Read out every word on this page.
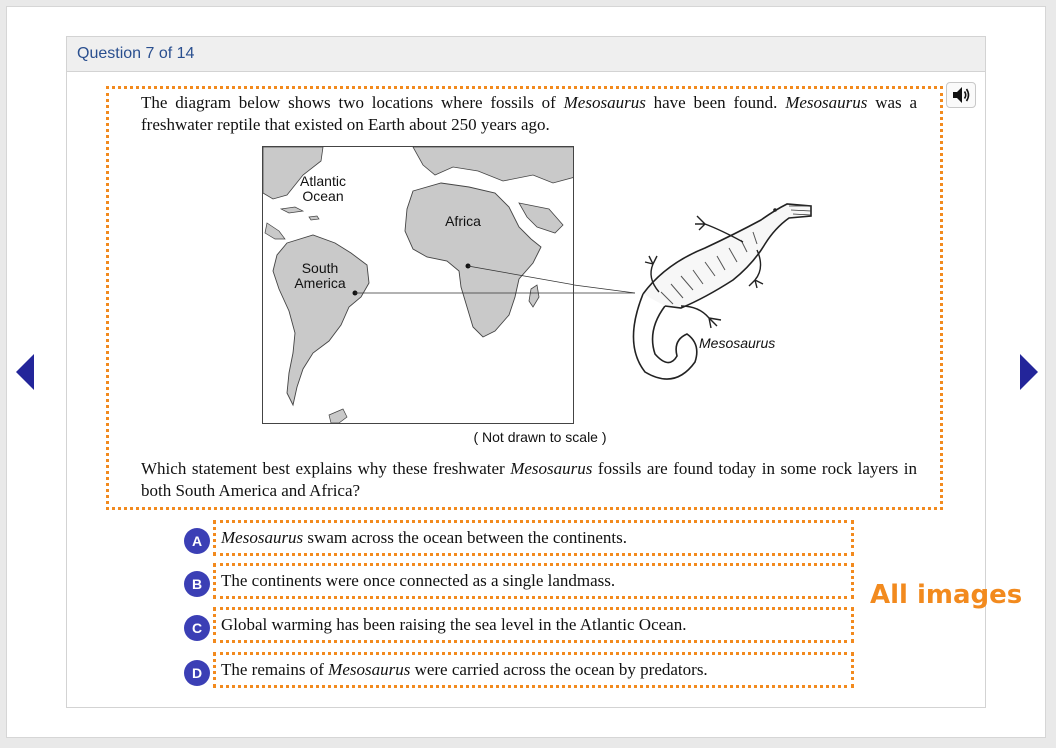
Question 7 of 14
The diagram below shows two locations where fossils of Mesosaurus have been found. Mesosaurus was a freshwater reptile that existed on Earth about 250 years ago.
Which statement best explains why these freshwater Mesosaurus fossils are found today in some rock layers in both South America and Africa?
Atlantic Ocean
Africa
South America
Mesosaurus
( Not drawn to scale )
A	Mesosaurus swam across the ocean between the continents.
B	The continents were once connected as a single landmass.
C	Global warming has been raising the sea level in the Atlantic Ocean.
D	The remains of Mesosaurus were carried across the ocean by predators.
All images
